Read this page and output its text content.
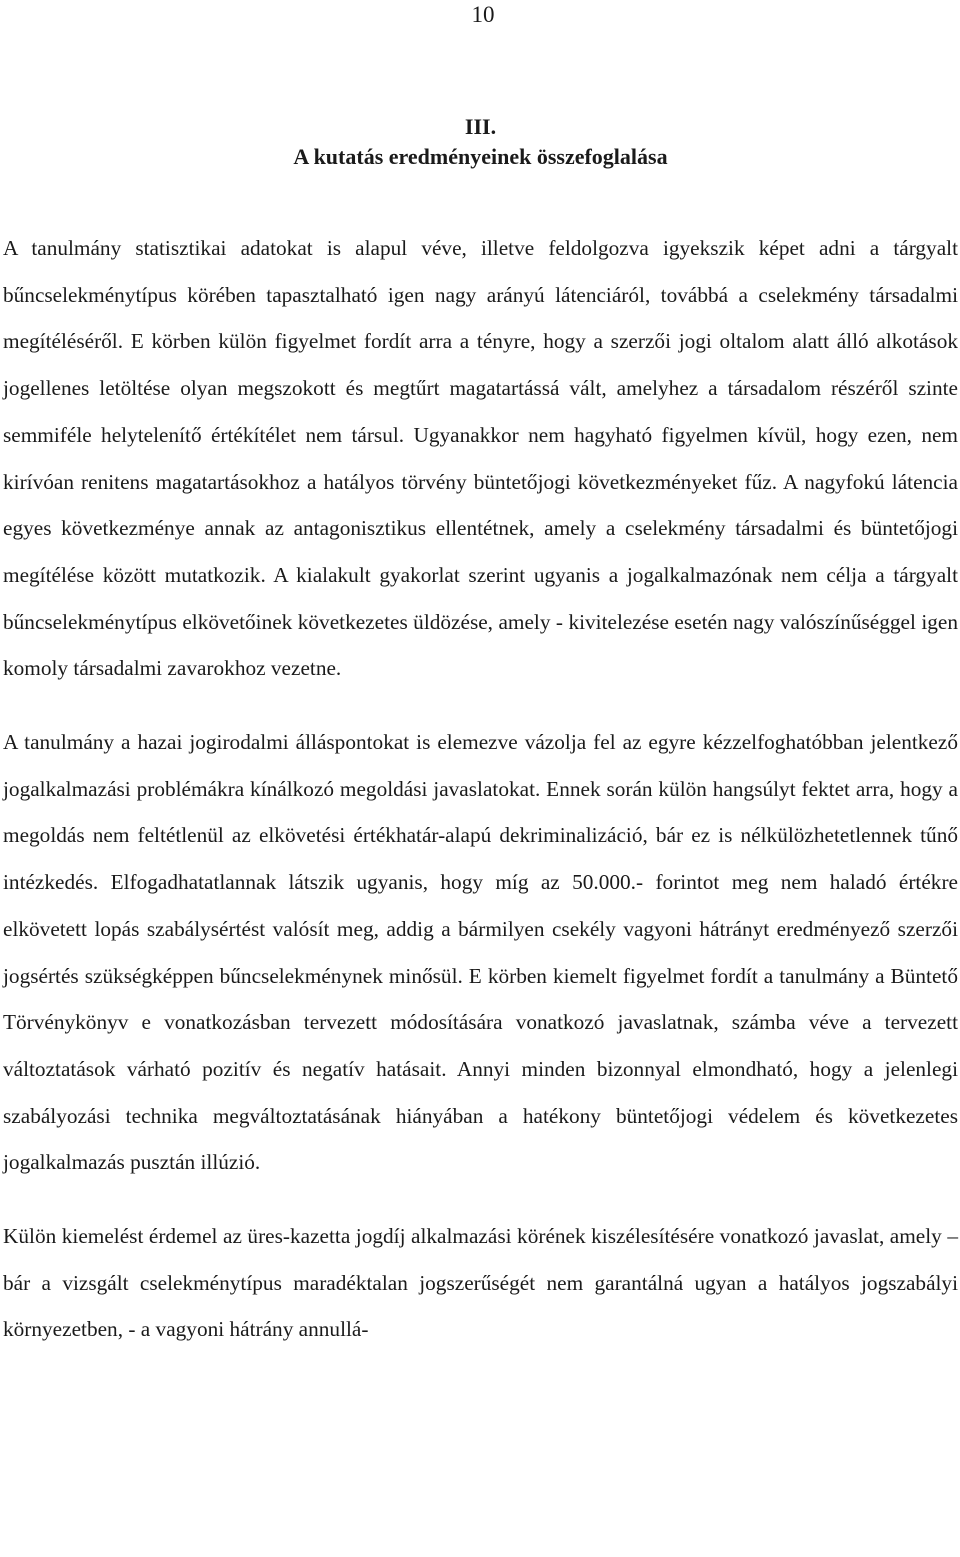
10
III.
A kutatás eredményeinek összefoglalása

A tanulmány statisztikai adatokat is alapul véve, illetve feldolgozva igyekszik képet adni a tárgyalt bűncselekménytípus körében tapasztalható igen nagy arányú látenciáról, továbbá a cselekmény társadalmi megítéléséről. E körben külön figyelmet fordít arra a tényre, hogy a szerzői jogi oltalom alatt álló alkotások jogellenes letöltése olyan megszokott és megtűrt magatartássá vált, amelyhez a társadalom részéről szinte semmiféle helytelenítő értékítélet nem társul. Ugyanakkor nem hagyható figyelmen kívül, hogy ezen, nem kirívóan renitens magatartásokhoz a hatályos törvény büntetőjogi következményeket fűz. A nagyfokú látencia egyes következménye annak az antagonisztikus ellentétnek, amely a cselekmény társadalmi és büntetőjogi megítélése között mutatkozik. A kialakult gyakorlat szerint ugyanis a jogalkalmazónak nem célja a tárgyalt bűncselekménytípus elkövetőinek következetes üldözése, amely - kivitelezése esetén nagy valószínűséggel igen komoly társadalmi zavarokhoz vezetne.

A tanulmány a hazai jogirodalmi álláspontokat is elemezve vázolja fel az egyre kézzelfoghatóbban jelentkező jogalkalmazási problémákra kínálkozó megoldási javaslatokat. Ennek során külön hangsúlyt fektet arra, hogy a megoldás nem feltétlenül az elkövetési értékhatár-alapú dekriminalizáció, bár ez is nélkülözhetetlennek tűnő intézkedés. Elfogadhatatlannak látszik ugyanis, hogy míg az 50.000.- forintot meg nem haladó értékre elkövetett lopás szabálysértést valósít meg, addig a bármilyen csekély vagyoni hátrányt eredményező szerzői jogsértés szükségképpen bűncselekménynek minősül. E körben kiemelt figyelmet fordít a tanulmány a Büntető Törvénykönyv e vonatkozásban tervezett módosítására vonatkozó javaslatnak, számba véve a tervezett változtatások várható pozitív és negatív hatásait. Annyi minden bizonnyal elmondható, hogy a jelenlegi szabályozási technika megváltoztatásának hiányában a hatékony büntetőjogi védelem és következetes jogalkalmazás pusztán illúzió.

Külön kiemelést érdemel az üres-kazetta jogdíj alkalmazási körének kiszélesítésére vonatkozó javaslat, amely – bár a vizsgált cselekménytípus maradéktalan jogszerűségét nem garantálná ugyan a hatályos jogszabályi környezetben, - a vagyoni hátrány annullá-
